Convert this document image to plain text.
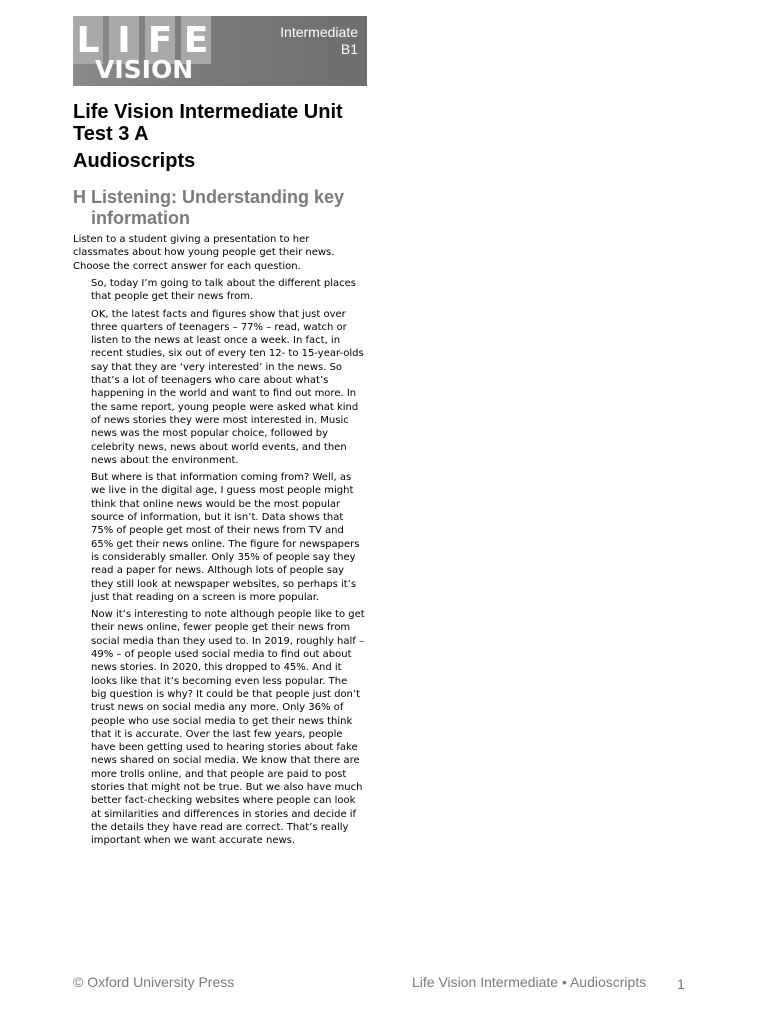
L I F E
VISION
Intermediate
B1
Life Vision Intermediate Unit Test 3 A
Audioscripts
H Listening: Understanding key information

Listen to a student giving a presentation to her classmates about how young people get their news. Choose the correct answer for each question.

So, today I’m going to talk about the different places that people get their news from.

OK, the latest facts and figures show that just over three quarters of teenagers – 77% – read, watch or listen to the news at least once a week. In fact, in recent studies, six out of every ten 12- to 15-year-olds say that they are ‘very interested’ in the news. So that’s a lot of teenagers who care about what’s happening in the world and want to find out more. In the same report, young people were asked what kind of news stories they were most interested in. Music news was the most popular choice, followed by celebrity news, news about world events, and then news about the environment.

But where is that information coming from? Well, as we live in the digital age, I guess most people might think that online news would be the most popular source of information, but it isn’t. Data shows that 75% of people get most of their news from TV and 65% get their news online. The figure for newspapers is considerably smaller. Only 35% of people say they read a paper for news. Although lots of people say they still look at newspaper websites, so perhaps it’s just that reading on a screen is more popular.

Now it’s interesting to note although people like to get their news online, fewer people get their news from social media than they used to. In 2019, roughly half – 49% – of people used social media to find out about news stories. In 2020, this dropped to 45%. And it looks like that it’s becoming even less popular. The big question is why? It could be that people just don’t trust news on social media any more. Only 36% of people who use social media to get their news think that it is accurate. Over the last few years, people have been getting used to hearing stories about fake news shared on social media. We know that there are more trolls online, and that people are paid to post stories that might not be true. But we also have much better fact-checking websites where people can look at similarities and differences in stories and decide if the details they have read are correct. That’s really important when we want accurate news.

© Oxford University Press	Life Vision Intermediate • Audioscripts 1
